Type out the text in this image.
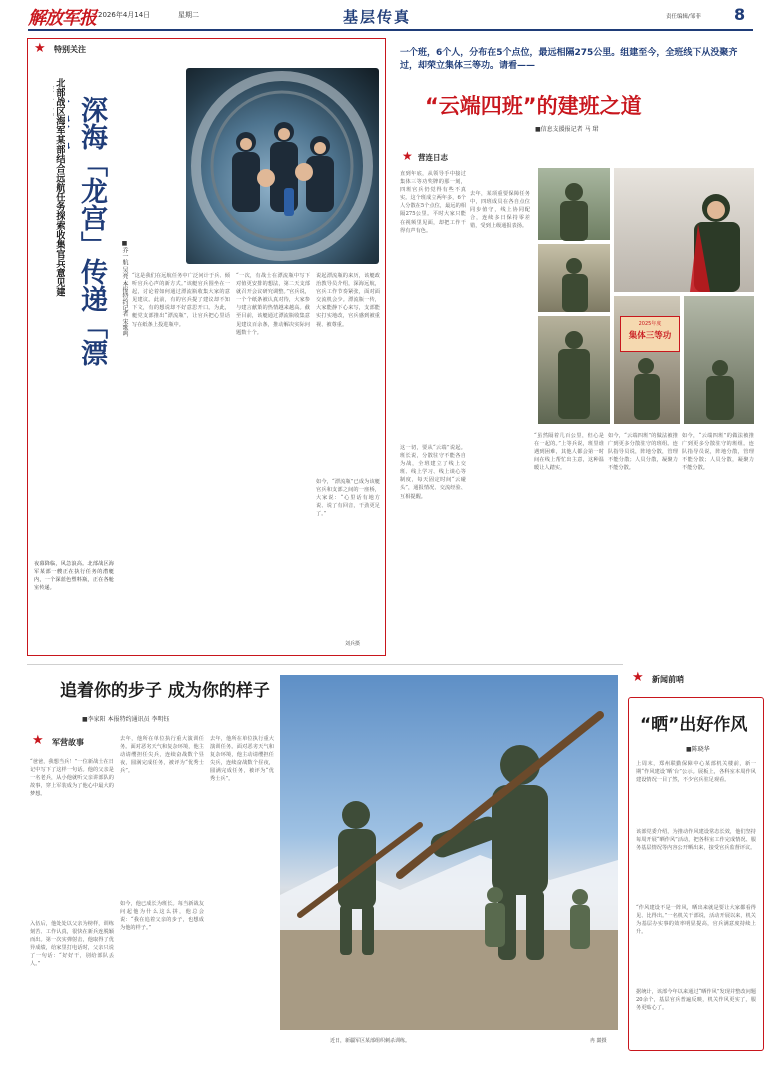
解放军报 2026年4月14日	星期二	基层传真	责任编辑/邹菲 8
★ 特别关注
北部战区海军某部结合远航任务探索收集官兵意见建
深海「龙宫」传递「漂
■乔一航 吴亮 本报特约记者 宋歌鸣
刘兵摄
夜幕降临，风急浪高。北部战区海军某部一艘正在执行任务的潜艇内，一个深蓝色塑料瓶，正在各舱室传递。
“这是我们在远航任务中广泛问计于兵、倾听官兵心声的新方式。”该艇官兵围坐在一起，讨论着如何通过漂流瓶收集大家的意见建议。此前，有的官兵提了建议却不知下文，有的想说却不好意思开口。为此，艇党支部推出“漂流瓶”，让官兵把心里话写在纸条上投进瓶中。
“一次，有战士在漂流瓶中写下对值更安排的想法，第二天支部就召开会议研究调整。”官兵说，一个个纸条被认真对待，大家参与建言献策的热情越来越高。截至目前，该艇通过漂流瓶收集意见建议百余条，推动解决实际问题数十个。
说起漂流瓶的来历，该艇政治教导员介绍，深海远航，官兵工作节奏紧张，面对面交流机会少。漂流瓶一传，大家能静下心来写，支部能实打实地改，官兵感到被重视、被尊重。
如今，“漂流瓶”已成为该艇官兵和支部之间的一座桥，大家说：“心里话有地方说、说了有回音，干劲更足了。”
一个班，6个人，分布在5个点位，最远相隔275公里。组建至今，全班线下从没聚齐过，却荣立集体三等功。请看——
“云端四班”的建班之道
■信息支援报记者 马 珺
★ 营连日志
直到年底，从领导手中接过集体三等功奖牌的那一刻，四班官兵仍觉得有些不真实。这个班成立两年多，6个人分散在5个点位，最远的相隔275公里。平时大家只能在视频里见面，却把工作干得有声有色。
这一切，要从“云端”说起。班长说，分散驻守不能各自为战，全班建立了线上交班、线上学习、线上谈心等制度，每天固定时间“云碰头”，通报情况、交流经验、互相提醒。
去年，某项重要保障任务中，四班成员在各自点位同步值守，线上协同配合，连续多日保持零差错，受到上级通报表扬。
“虽然隔着几百公里，但心是在一起的。”上等兵说，班里谁遇到困难，其他人都会第一时间在线上帮忙出主意，这种温暖让人踏实。
如今，“云端四班”的做法被推广到更多分散驻守的班组。连队指导员说，阵地分散，管理不能分散；人员分散，凝聚力不能分散。
如今，“云端四班”的做法被推广到更多分散驻守的班组。连队指导员说，阵地分散，管理不能分散；人员分散，凝聚力不能分散。
2025年度
集体三等功
追着你的步子 成为你的样子
■李家阳 本报特约通讯员 李明钰
★ 军营故事
“爸爸，我想当兵！”一位新战士在日记中写下了这样一句话。他的父亲是一名老兵，从小他就听父亲讲部队的故事，穿上军装成为了他心中最大的梦想。
入伍后，他处处以父亲为榜样，训练刻苦、工作认真，很快在新兵连脱颖而出。第一次实弹射击，他取得了优异成绩，给家里打电话时，父亲只说了一句话：“好好干，别给部队丢人。”
去年，他所在单位执行重大演训任务。面对恶劣天气和复杂环境，他主动请缨担任尖兵，连续奋战数个昼夜，圆满完成任务，被评为“优秀士兵”。
如今，他已成长为班长。每当新战友问起他为什么这么拼，他总会说：“我在追着父亲的步子，也想成为他的样子。”
去年，他所在单位执行重大演训任务。面对恶劣天气和复杂环境，他主动请缨担任尖兵，连续奋战数个昼夜，圆满完成任务，被评为“优秀士兵”。
近日，新疆军区某部组织刺杀训练。	冉 燚摄
★ 新闻前哨
“晒”出好作风
■陈晓华
上周末，郑州联勤保障中心某部机关楼前，新一期“作风建设‘晒’台”公示。展板上，各科室本周作风建设情况一目了然，不少官兵驻足观看。
该部党委介绍，为推动作风建设常态长效，他们坚持每周开展“晒作风”活动，把各科室工作完成情况、服务基层情况等内容公开晒出来，接受官兵监督评议。
“作风建设不是一阵风，晒出来就是要让大家都看得见、比得出。”一名机关干部说，活动开展以来，机关为基层办实事的效率明显提高，官兵满意度持续上升。
据统计，该部今年以来通过“晒作风”发现并整改问题20余个，基层官兵普遍反映，机关作风更实了，服务更贴心了。
